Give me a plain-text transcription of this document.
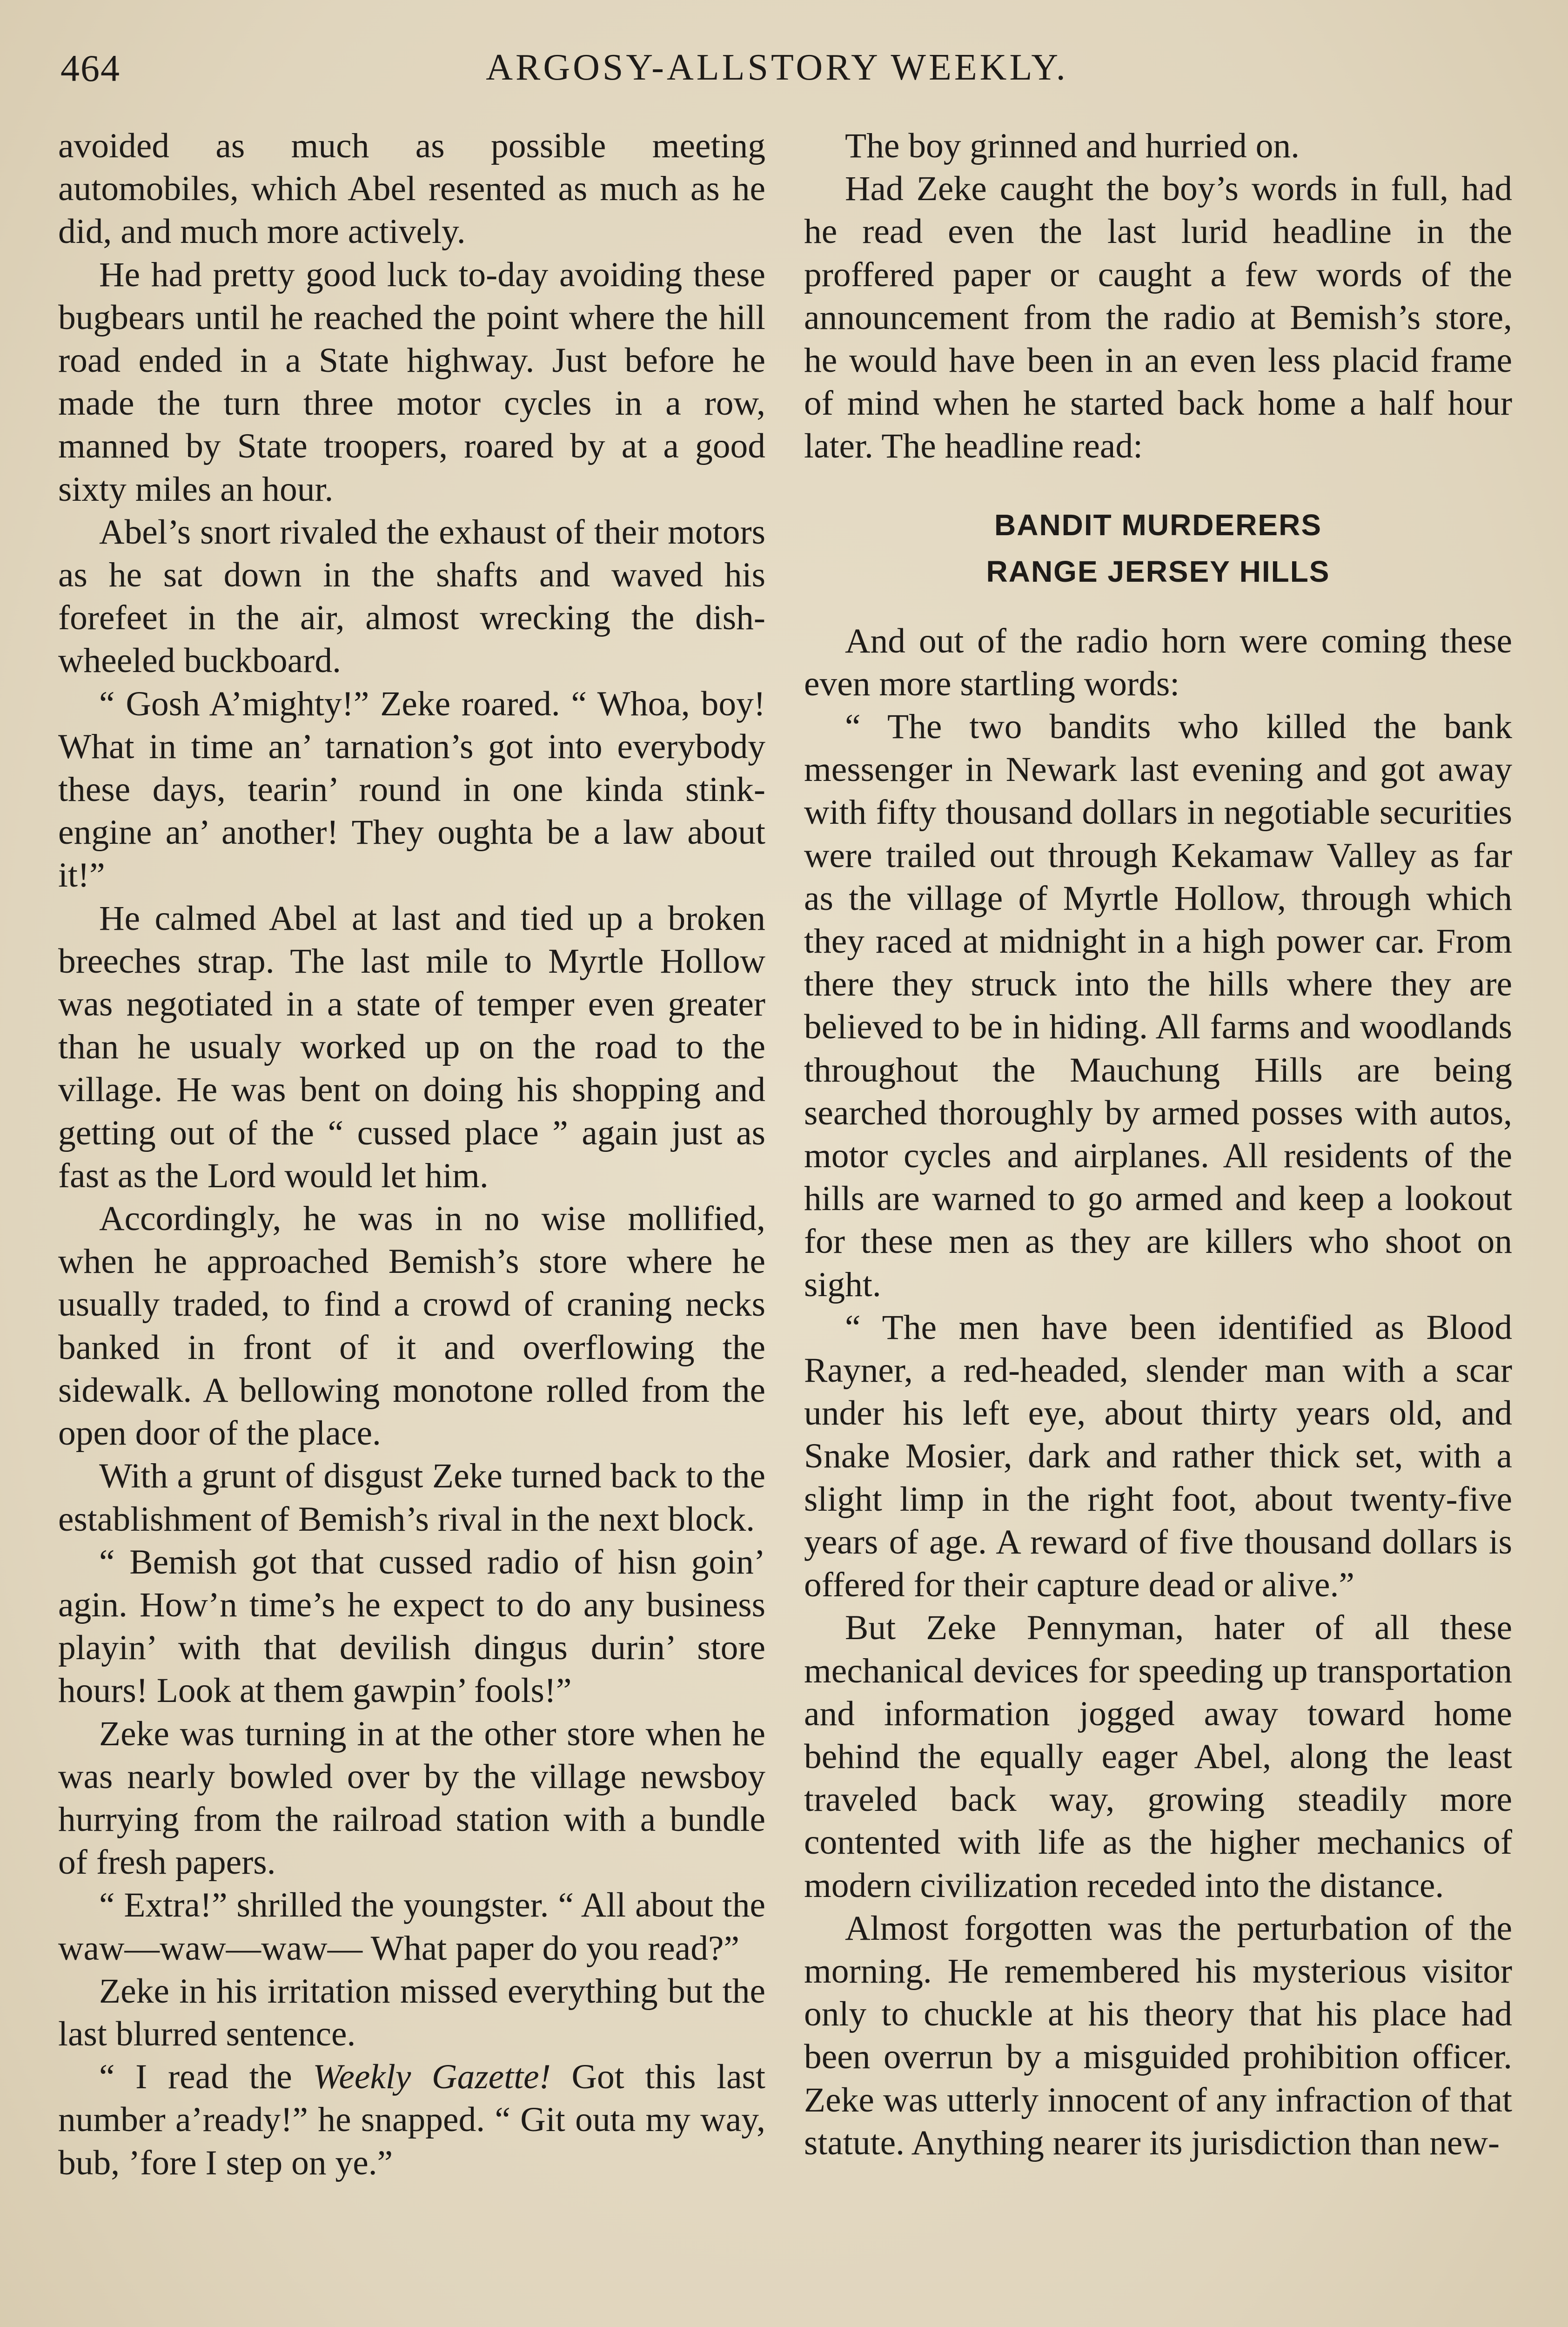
464	ARGOSY-ALLSTORY WEEKLY.

avoided as much as possible meeting automobiles, which Abel resented as much as he did, and much more actively.

He had pretty good luck to-day avoiding these bugbears until he reached the point where the hill road ended in a State highway. Just before he made the turn three motor cycles in a row, manned by State troopers, roared by at a good sixty miles an hour.

Abel’s snort rivaled the exhaust of their motors as he sat down in the shafts and waved his forefeet in the air, almost wrecking the dish-wheeled buckboard.

“ Gosh A’mighty!” Zeke roared. “ Whoa, boy! What in time an’ tarnation’s got into everybody these days, tearin’ round in one kinda stink-engine an’ another! They oughta be a law about it!”

He calmed Abel at last and tied up a broken breeches strap. The last mile to Myrtle Hollow was negotiated in a state of temper even greater than he usualy worked up on the road to the village. He was bent on doing his shopping and getting out of the “ cussed place ” again just as fast as the Lord would let him.

Accordingly, he was in no wise mollified, when he approached Bemish’s store where he usually traded, to find a crowd of craning necks banked in front of it and overflowing the sidewalk. A bellowing monotone rolled from the open door of the place.

With a grunt of disgust Zeke turned back to the establishment of Bemish’s rival in the next block.

“ Bemish got that cussed radio of hisn goin’ agin. How’n time’s he expect to do any business playin’ with that devilish dingus durin’ store hours! Look at them gawpin’ fools!”

Zeke was turning in at the other store when he was nearly bowled over by the village newsboy hurrying from the railroad station with a bundle of fresh papers.

“ Extra!” shrilled the youngster. “ All about the waw—waw—waw— What paper do you read?”

Zeke in his irritation missed everything but the last blurred sentence.

“ I read the Weekly Gazette! Got this last number a’ready!” he snapped. “ Git outa my way, bub, ’fore I step on ye.”

The boy grinned and hurried on.

Had Zeke caught the boy’s words in full, had he read even the last lurid headline in the proffered paper or caught a few words of the announcement from the radio at Bemish’s store, he would have been in an even less placid frame of mind when he started back home a half hour later. The headline read:

BANDIT MURDERERS
RANGE JERSEY HILLS

And out of the radio horn were coming these even more startling words:

“ The two bandits who killed the bank messenger in Newark last evening and got away with fifty thousand dollars in negotiable securities were trailed out through Kekamaw Valley as far as the village of Myrtle Hollow, through which they raced at midnight in a high power car. From there they struck into the hills where they are believed to be in hiding. All farms and woodlands throughout the Mauchung Hills are being searched thoroughly by armed posses with autos, motor cycles and airplanes. All residents of the hills are warned to go armed and keep a lookout for these men as they are killers who shoot on sight.

“ The men have been identified as Blood Rayner, a red-headed, slender man with a scar under his left eye, about thirty years old, and Snake Mosier, dark and rather thick set, with a slight limp in the right foot, about twenty-five years of age. A reward of five thousand dollars is offered for their capture dead or alive.”

But Zeke Pennyman, hater of all these mechanical devices for speeding up transportation and information jogged away toward home behind the equally eager Abel, along the least traveled back way, growing steadily more contented with life as the higher mechanics of modern civilization receded into the distance.

Almost forgotten was the perturbation of the morning. He remembered his mysterious visitor only to chuckle at his theory that his place had been overrun by a misguided prohibition officer. Zeke was utterly innocent of any infraction of that statute. Anything nearer its jurisdiction than new-
